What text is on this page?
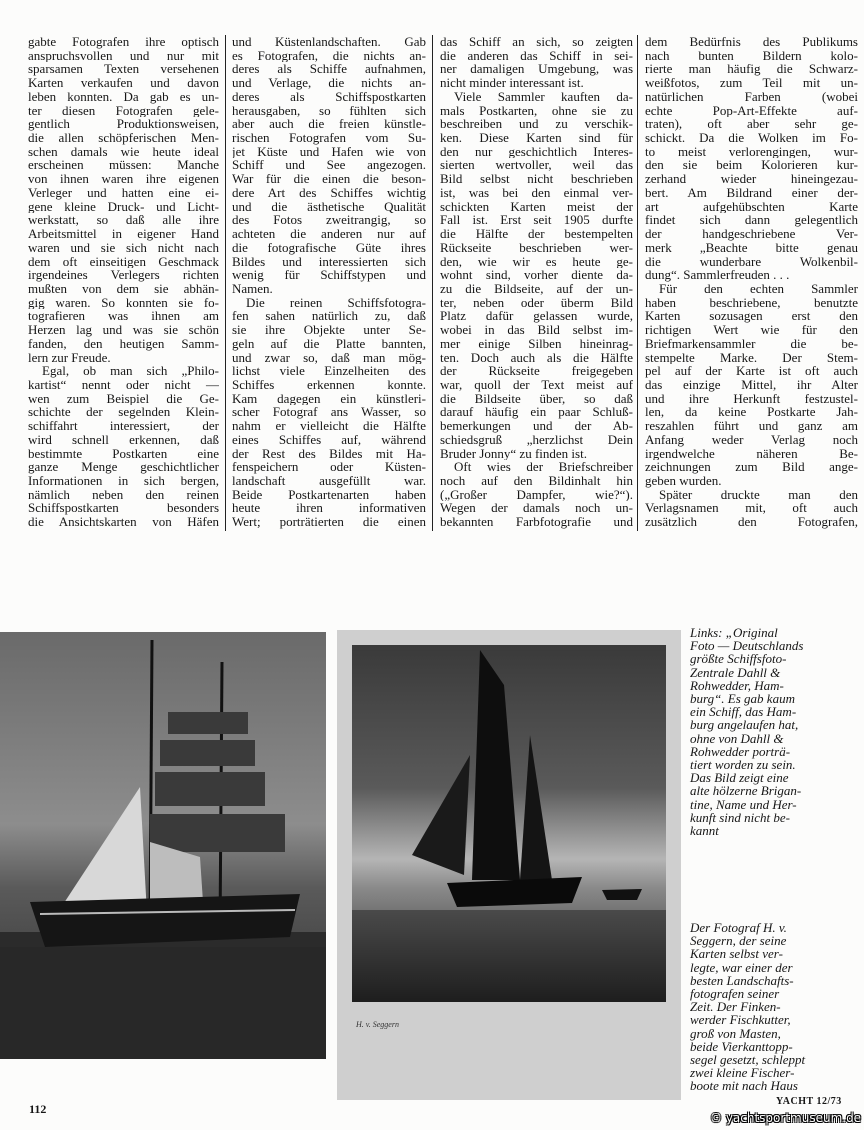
gabte Fotografen ihre optisch
anspruchsvollen und nur mit
sparsamen Texten versehenen
Karten verkaufen und davon
leben konnten. Da gab es un-
ter diesen Fotografen gele-
gentlich Produktionsweisen,
die allen schöpferischen Men-
schen damals wie heute ideal
erscheinen müssen: Manche
von ihnen waren ihre eigenen
Verleger und hatten eine ei-
gene kleine Druck- und Licht-
werkstatt, so daß alle ihre
Arbeitsmittel in eigener Hand
waren und sie sich nicht nach
dem oft einseitigen Geschmack
irgendeines Verlegers richten
mußten von dem sie abhän-
gig waren. So konnten sie fo-
tografieren was ihnen am
Herzen lag und was sie schön
fanden, den heutigen Samm-
lern zur Freude.
Egal, ob man sich „Philo-
kartist“ nennt oder nicht —
wen zum Beispiel die Ge-
schichte der segelnden Klein-
schiffahrt interessiert, der
wird schnell erkennen, daß
bestimmte Postkarten eine
ganze Menge geschichtlicher
Informationen in sich bergen,
nämlich neben den reinen
Schiffspostkarten besonders
die Ansichtskarten von Häfen
und Küstenlandschaften. Gab
es Fotografen, die nichts an-
deres als Schiffe aufnahmen,
und Verlage, die nichts an-
deres als Schiffspostkarten
herausgaben, so fühlten sich
aber auch die freien künstle-
rischen Fotografen vom Su-
jet Küste und Hafen wie von
Schiff und See angezogen.
War für die einen die beson-
dere Art des Schiffes wichtig
und die ästhetische Qualität
des Fotos zweitrangig, so
achteten die anderen nur auf
die fotografische Güte ihres
Bildes und interessierten sich
wenig für Schiffstypen und
Namen.
Die reinen Schiffsfotogra-
fen sahen natürlich zu, daß
sie ihre Objekte unter Se-
geln auf die Platte bannten,
und zwar so, daß man mög-
lichst viele Einzelheiten des
Schiffes erkennen konnte.
Kam dagegen ein künstleri-
scher Fotograf ans Wasser, so
nahm er vielleicht die Hälfte
eines Schiffes auf, während
der Rest des Bildes mit Ha-
fenspeichern oder Küsten-
landschaft ausgefüllt war.
Beide Postkartenarten haben
heute ihren informativen
Wert; porträtierten die einen
das Schiff an sich, so zeigten
die anderen das Schiff in sei-
ner damaligen Umgebung, was
nicht minder interessant ist.
Viele Sammler kauften da-
mals Postkarten, ohne sie zu
beschreiben und zu verschik-
ken. Diese Karten sind für
den nur geschichtlich Interes-
sierten wertvoller, weil das
Bild selbst nicht beschrieben
ist, was bei den einmal ver-
schickten Karten meist der
Fall ist. Erst seit 1905 durfte
die Hälfte der bestempelten
Rückseite beschrieben wer-
den, wie wir es heute ge-
wohnt sind, vorher diente da-
zu die Bildseite, auf der un-
ter, neben oder überm Bild
Platz dafür gelassen wurde,
wobei in das Bild selbst im-
mer einige Silben hineinrag-
ten. Doch auch als die Hälfte
der Rückseite freigegeben
war, quoll der Text meist auf
die Bildseite über, so daß
darauf häufig ein paar Schluß-
bemerkungen und der Ab-
schiedsgruß „herzlichst Dein
Bruder Jonny“ zu finden ist.
Oft wies der Briefschreiber
noch auf den Bildinhalt hin
(„Großer Dampfer, wie?“).
Wegen der damals noch un-
bekannten Farbfotografie und
dem Bedürfnis des Publikums
nach bunten Bildern kolo-
rierte man häufig die Schwarz-
weißfotos, zum Teil mit un-
natürlichen Farben (wobei
echte Pop-Art-Effekte auf-
traten), oft aber sehr ge-
schickt. Da die Wolken im Fo-
to meist verlorengingen, wur-
den sie beim Kolorieren kur-
zerhand wieder hineingezau-
bert. Am Bildrand einer der-
art aufgehübschten Karte
findet sich dann gelegentlich
der handgeschriebene Ver-
merk „Beachte bitte genau
die wunderbare Wolkenbil-
dung“. Sammlerfreuden . . .
Für den echten Sammler
haben beschriebene, benutzte
Karten sozusagen erst den
richtigen Wert wie für den
Briefmarkensammler die be-
stempelte Marke. Der Stem-
pel auf der Karte ist oft auch
das einzige Mittel, ihr Alter
und ihre Herkunft festzustel-
len, da keine Postkarte Jah-
reszahlen führt und ganz am
Anfang weder Verlag noch
irgendwelche näheren Be-
zeichnungen zum Bild ange-
geben wurden.
Später druckte man den
Verlagsnamen mit, oft auch
zusätzlich den Fotografen,
H. v. Seggern
Links: „Original
Foto — Deutschlands
größte Schiffsfoto-
Zentrale Dahll &
Rohwedder, Ham-
burg“. Es gab kaum
ein Schiff, das Ham-
burg angelaufen hat,
ohne von Dahll &
Rohwedder porträ-
tiert worden zu sein.
Das Bild zeigt eine
alte hölzerne Brigan-
tine, Name und Her-
kunft sind nicht be-
kannt
Der Fotograf H. v.
Seggern, der seine
Karten selbst ver-
legte, war einer der
besten Landschafts-
fotografen seiner
Zeit. Der Finken-
werder Fischkutter,
groß von Masten,
beide Vierkanttopp-
segel gesetzt, schleppt
zwei kleine Fischer-
boote mit nach Haus
112
YACHT 12/73
© yachtsportmuseum.de
